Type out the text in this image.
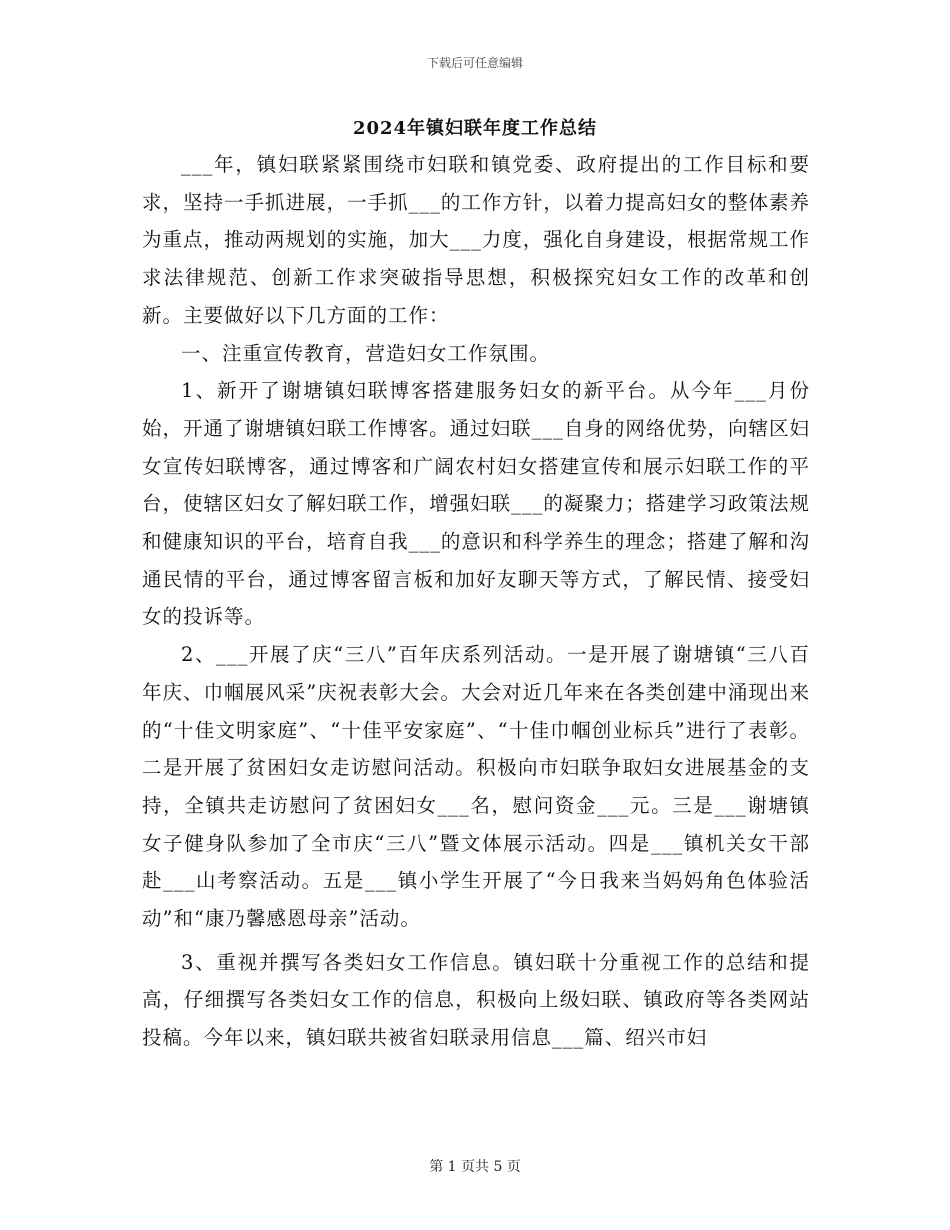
下载后可任意编辑
2024年镇妇联年度工作总结

___年，镇妇联紧紧围绕市妇联和镇党委、政府提出的工作目标和要求，坚持一手抓进展，一手抓___的工作方针，以着力提高妇女的整体素养为重点，推动两规划的实施，加大___力度，强化自身建设，根据常规工作求法律规范、创新工作求突破指导思想，积极探究妇女工作的改革和创新。主要做好以下几方面的工作：

一、注重宣传教育，营造妇女工作氛围。

1、新开了谢塘镇妇联博客搭建服务妇女的新平台。从今年___月份始，开通了谢塘镇妇联工作博客。通过妇联___自身的网络优势，向辖区妇女宣传妇联博客，通过博客和广阔农村妇女搭建宣传和展示妇联工作的平台，使辖区妇女了解妇联工作，增强妇联___的凝聚力；搭建学习政策法规和健康知识的平台，培育自我___的意识和科学养生的理念；搭建了解和沟通民情的平台，通过博客留言板和加好友聊天等方式，了解民情、接受妇女的投诉等。

2、___开展了庆“三八”百年庆系列活动。一是开展了谢塘镇“三八百年庆、巾帼展风采”庆祝表彰大会。大会对近几年来在各类创建中涌现出来的“十佳文明家庭”、“十佳平安家庭”、“十佳巾帼创业标兵”进行了表彰。二是开展了贫困妇女走访慰问活动。积极向市妇联争取妇女进展基金的支持，全镇共走访慰问了贫困妇女___名，慰问资金___元。三是___谢塘镇女子健身队参加了全市庆“三八”暨文体展示活动。四是___镇机关女干部赴___山考察活动。五是___镇小学生开展了“今日我来当妈妈角色体验活动”和“康乃馨感恩母亲”活动。

3、重视并撰写各类妇女工作信息。镇妇联十分重视工作的总结和提高，仔细撰写各类妇女工作的信息，积极向上级妇联、镇政府等各类网站投稿。今年以来，镇妇联共被省妇联录用信息___篇、绍兴市妇

第 1 页共 5 页
